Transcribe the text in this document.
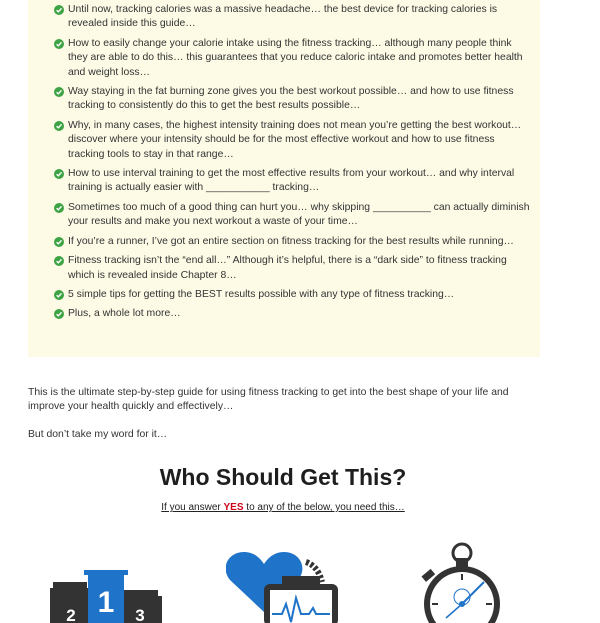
Until now, tracking calories was a massive headache… the best device for tracking calories is revealed inside this guide…
How to easily change your calorie intake using the fitness tracking… although many people think they are able to do this… this guarantees that you reduce caloric intake and promotes better health and weight loss…
Way staying in the fat burning zone gives you the best workout possible… and how to use fitness tracking to consistently do this to get the best results possible…
Why, in many cases, the highest intensity training does not mean you’re getting the best workout… discover where your intensity should be for the most effective workout and how to use fitness tracking tools to stay in that range…
How to use interval training to get the most effective results from your workout… and why interval training is actually easier with ___________ tracking…
Sometimes too much of a good thing can hurt you… why skipping __________ can actually diminish your results and make you next workout a waste of your time…
If you’re a runner, I’ve got an entire section on fitness tracking for the best results while running…
Fitness tracking isn’t the “end all…” Although it’s helpful, there is a “dark side” to fitness tracking which is revealed inside Chapter 8…
5 simple tips for getting the BEST results possible with any type of fitness tracking…
Plus, a whole lot more…

This is the ultimate step-by-step guide for using fitness tracking to get into the best shape of your life and improve your health quickly and effectively…

But don’t take my word for it…

Who Should Get This?

If you answer YES to any of the below, you need this…

1
2	3
